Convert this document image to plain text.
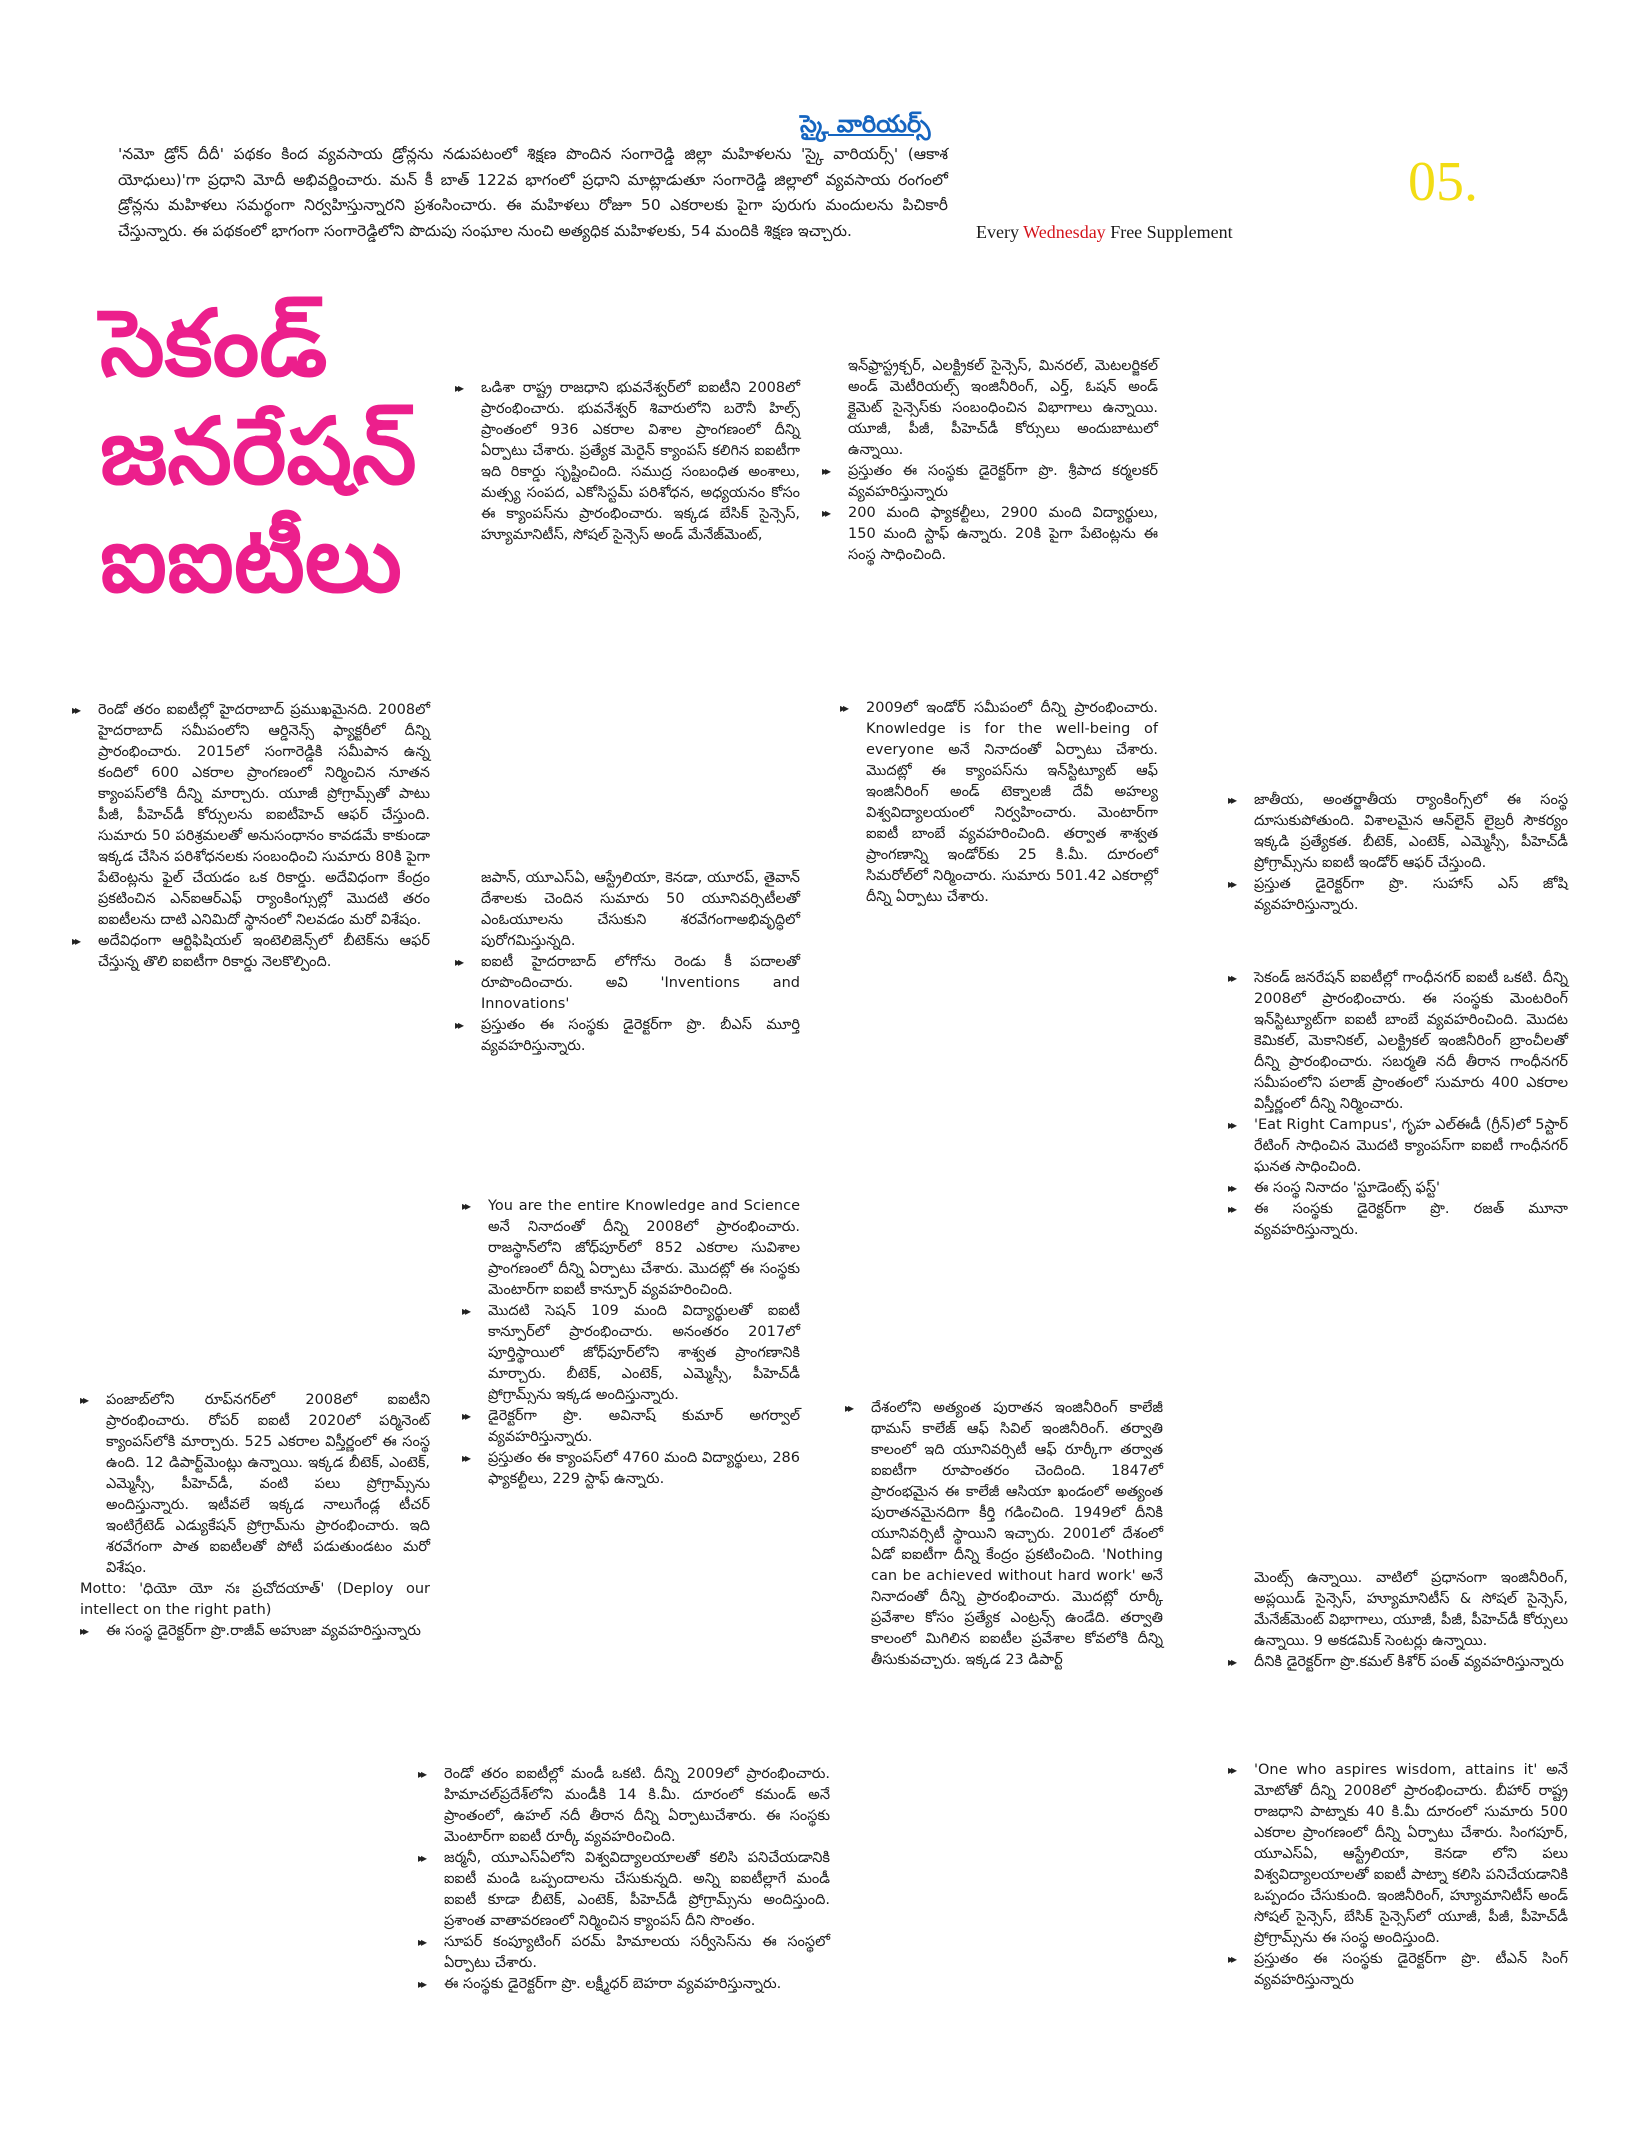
స్కై వారియర్స్
'నమో డ్రోన్ దీదీ' పథకం కింద వ్యవసాయ డ్రోన్లను నడుపటంలో శిక్షణ పొందిన సంగారెడ్డి జిల్లా మహిళలను 'స్కై వారియర్స్' (ఆకాశ యోధులు)'గా ప్రధాని మోదీ అభివర్ణించారు. మన్ కీ బాత్ 122వ భాగంలో ప్రధాని మాట్లాడుతూ సంగారెడ్డి జిల్లాలో వ్యవసాయ రంగంలో డ్రోన్లను మహిళలు సమర్థంగా నిర్వహిస్తున్నారని ప్రశంసించారు. ఈ మహిళలు రోజూ 50 ఎకరాలకు పైగా పురుగు మందులను పిచికారీ చేస్తున్నారు. ఈ పథకంలో భాగంగా సంగారెడ్డిలోని పొదుపు సంఘాల నుంచి అత్యధిక మహిళలకు, 54 మందికి శిక్షణ ఇచ్చారు.
05.
Every Wednesday Free Supplement
సెకండ్
జనరేషన్
ఐఐటీలు

▸▸ ఒడిశా రాష్ట్ర రాజధాని భువనేశ్వర్‌లో ఐఐటీని 2008లో ప్రారంభించారు. భువనేశ్వర్ శివారులోని బరౌనీ హిల్స్ ప్రాంతంలో 936 ఎకరాల విశాల ప్రాంగణంలో దీన్ని ఏర్పాటు చేశారు. ప్రత్యేక మెరైన్ క్యాంపస్ కలిగిన ఐఐటీగా ఇది రికార్డు సృష్టించింది. సముద్ర సంబంధిత అంశాలు, మత్స్య సంపద, ఎకోసిస్టమ్ పరిశోధన, అధ్యయనం కోసం ఈ క్యాంపస్‌ను ప్రారంభించారు. ఇక్కడ బేసిక్ సైన్సెస్, హ్యూమానిటీస్, సోషల్ సైన్సెస్ అండ్ మేనేజ్‌మెంట్,

ఇన్‌ఫ్రాస్ట్రక్చర్, ఎలక్ట్రికల్ సైన్సెస్, మినరల్, మెటలర్జికల్ అండ్ మెటీరియల్స్ ఇంజినీరింగ్, ఎర్త్, ఓషన్ అండ్ క్లైమెట్ సైన్సెస్‌కు సంబంధించిన విభాగాలు ఉన్నాయి. యూజీ, పీజీ, పీహెచ్‌డీ కోర్సులు అందుబాటులో ఉన్నాయి.

▸▸ ప్రస్తుతం ఈ సంస్థకు డైరెక్టర్‌గా ప్రొ. శ్రీపాద కర్మలకర్ వ్యవహరిస్తున్నారు

▸▸ 200 మంది ఫ్యాకల్టీలు, 2900 మంది విద్యార్థులు, 150 మంది స్టాఫ్ ఉన్నారు. 20కి పైగా పేటెంట్లను ఈ సంస్థ సాధించింది.

▸▸ రెండో తరం ఐఐటీల్లో హైదరాబాద్ ప్రముఖమైనది. 2008లో హైదరాబాద్ సమీపంలోని ఆర్డినెన్స్ ఫ్యాక్టరీలో దీన్ని ప్రారంభించారు. 2015లో సంగారెడ్డికి సమీపాన ఉన్న కందిలో 600 ఎకరాల ప్రాంగణంలో నిర్మించిన నూతన క్యాంపస్‌లోకి దీన్ని మార్చారు. యూజీ ప్రోగ్రామ్స్‌తో పాటు పీజీ, పీహెచ్‌డీ కోర్సులను ఐఐటీహెచ్ ఆఫర్ చేస్తుంది. సుమారు 50 పరిశ్రమలతో అనుసంధానం కావడమే కాకుండా ఇక్కడ చేసిన పరిశోధనలకు సంబంధించి సుమారు 80కి పైగా పేటెంట్లను ఫైల్ చేయడం ఒక రికార్డు. అదేవిధంగా కేంద్రం ప్రకటించిన ఎన్ఐఆర్ఎఫ్ ర్యాంకింగ్సుల్లో మొదటి తరం ఐఐటీలను దాటి ఎనిమిదో స్థానంలో నిలవడం మరో విశేషం.

▸▸ అదేవిధంగా ఆర్టిఫిషియల్ ఇంటెలిజెన్స్‌లో బీటెక్‌ను ఆఫర్ చేస్తున్న తొలి ఐఐటీగా రికార్డు నెలకొల్పింది.

జపాన్, యూఎస్ఏ, ఆస్ట్రేలియా, కెనడా, యూరప్, తైవాన్ దేశాలకు చెందిన సుమారు 50 యూనివర్సిటీలతో ఎంఓయూలను చేసుకుని శరవేగంగాఅభివృద్ధిలో పురోగమిస్తున్నది.

▸▸ ఐఐటీ హైదరాబాద్ లోగోను రెండు కీ పదాలతో రూపొందించారు. అవి 'Inventions and Innovations'

▸▸ ప్రస్తుతం ఈ సంస్థకు డైరెక్టర్‌గా ప్రొ. బీఎస్ మూర్తి వ్యవహరిస్తున్నారు.

▸▸ 2009లో ఇండోర్ సమీపంలో దీన్ని ప్రారంభించారు. Knowledge is for the well-being of everyone అనే నినాదంతో ఏర్పాటు చేశారు. మొదట్లో ఈ క్యాంపస్‌ను ఇన్‌స్టిట్యూట్ ఆఫ్ ఇంజినీరింగ్ అండ్ టెక్నాలజీ దేవీ అహల్య విశ్వవిద్యాలయంలో నిర్వహించారు. మెంటార్‌గా ఐఐటీ బాంబే వ్యవహరించింది. తర్వాత శాశ్వత ప్రాంగణాన్ని ఇండోర్‌కు 25 కి.మీ. దూరంలో సిమరోల్‌లో నిర్మించారు. సుమారు 501.42 ఎకరాల్లో దీన్ని ఏర్పాటు చేశారు.

▸▸ జాతీయ, అంతర్జాతీయ ర్యాంకింగ్స్‌లో ఈ సంస్థ దూసుకుపోతుంది. విశాలమైన ఆన్‌లైన్ లైబ్రరీ సౌకర్యం ఇక్కడి ప్రత్యేకత. బీటెక్, ఎంటెక్, ఎమ్మెస్సీ, పీహెచ్‌డీ ప్రోగ్రామ్స్‌ను ఐఐటీ ఇండోర్ ఆఫర్ చేస్తుంది.

▸▸ ప్రస్తుత డైరెక్టర్‌గా ప్రొ. సుహాస్ ఎస్ జోషి వ్యవహరిస్తున్నారు.

▸▸ సెకండ్ జనరేషన్ ఐఐటీల్లో గాంధీనగర్ ఐఐటీ ఒకటి. దీన్ని 2008లో ప్రారంభించారు. ఈ సంస్థకు మెంటరింగ్ ఇన్‌స్టిట్యూట్‌గా ఐఐటీ బాంబే వ్యవహరించింది. మొదట కెమికల్, మెకానికల్, ఎలక్ట్రికల్ ఇంజినీరింగ్ బ్రాంచీలతో దీన్ని ప్రారంభించారు. సబర్మతి నదీ తీరాన గాంధీనగర్ సమీపంలోని పలాజ్ ప్రాంతంలో సుమారు 400 ఎకరాల విస్తీర్ణంలో దీన్ని నిర్మించారు.

▸▸ 'Eat Right Campus', గృహ ఎల్ఈడీ (గ్రీన్)లో 5స్టార్ రేటింగ్ సాధించిన మొదటి క్యాంపస్‌గా ఐఐటీ గాంధీనగర్ ఘనత సాధించింది.

▸▸ ఈ సంస్థ నినాదం 'స్టూడెంట్స్ ఫస్ట్'

▸▸ ఈ సంస్థకు డైరెక్టర్‌గా ప్రొ. రజత్ మూనా వ్యవహరిస్తున్నారు.

▸▸ You are the entire Knowledge and Science అనే నినాదంతో దీన్ని 2008లో ప్రారంభించారు. రాజస్థాన్‌లోని జోధ్‌పూర్‌లో 852 ఎకరాల సువిశాల ప్రాంగణంలో దీన్ని ఏర్పాటు చేశారు. మొదట్లో ఈ సంస్థకు మెంటార్‌గా ఐఐటీ కాన్పూర్ వ్యవహరించింది.

▸▸ మొదటి సెషన్ 109 మంది విద్యార్థులతో ఐఐటీ కాన్పూర్‌లో ప్రారంభించారు. అనంతరం 2017లో పూర్తిస్థాయిలో జోధ్‌పూర్‌లోని శాశ్వత ప్రాంగణానికి మార్చారు. బీటెక్, ఎంటెక్, ఎమ్మెస్సీ, పీహెచ్‌డీ ప్రోగ్రామ్స్‌ను ఇక్కడ అందిస్తున్నారు.

▸▸ డైరెక్టర్‌గా ప్రొ. అవినాష్ కుమార్ అగర్వాల్ వ్యవహరిస్తున్నారు.

▸▸ ప్రస్తుతం ఈ క్యాంపస్‌లో 4760 మంది విద్యార్థులు, 286 ఫ్యాకల్టీలు, 229 స్టాఫ్ ఉన్నారు.

▸▸ పంజాబ్‌లోని రూప్‌నగర్‌లో 2008లో ఐఐటీని ప్రారంభించారు. రోపర్ ఐఐటీ 2020లో పర్మినెంట్ క్యాంపస్‌లోకి మార్చారు. 525 ఎకరాల విస్తీర్ణంలో ఈ సంస్థ ఉంది. 12 డిపార్ట్‌మెంట్లు ఉన్నాయి. ఇక్కడ బీటెక్, ఎంటెక్, ఎమ్మెస్సీ, పీహెచ్‌డీ, వంటి పలు ప్రోగ్రామ్స్‌ను అందిస్తున్నారు. ఇటీవలే ఇక్కడ నాలుగేండ్ల టీచర్ ఇంటిగ్రేటెడ్ ఎడ్యుకేషన్ ప్రోగ్రామ్‌ను ప్రారంభించారు. ఇది శరవేగంగా పాత ఐఐటీలతో పోటీ పడుతుండటం మరో విశేషం.

Motto: 'ధియో యో నః ప్రచోదయాత్' (Deploy our intellect on the right path)

▸▸ ఈ సంస్థ డైరెక్టర్‌గా ప్రొ.రాజీవ్ అహుజా వ్యవహరిస్తున్నారు

▸▸ దేశంలోని అత్యంత పురాతన ఇంజినీరింగ్ కాలేజీ థామస్ కాలేజ్ ఆఫ్ సివిల్ ఇంజినీరింగ్. తర్వాతి కాలంలో ఇది యూనివర్సిటీ ఆఫ్ రూర్కీగా తర్వాత ఐఐటీగా రూపాంతరం చెందింది. 1847లో ప్రారంభమైన ఈ కాలేజీ ఆసియా ఖండంలో అత్యంత పురాతనమైనదిగా కీర్తి గడించింది. 1949లో దీనికి యూనివర్సిటీ స్థాయిని ఇచ్చారు. 2001లో దేశంలో ఏడో ఐఐటీగా దీన్ని కేంద్రం ప్రకటించింది. 'Nothing can be achieved without hard work' అనే నినాదంతో దీన్ని ప్రారంభించారు. మొదట్లో రూర్కీ ప్రవేశాల కోసం ప్రత్యేక ఎంట్రన్స్ ఉండేది. తర్వాతి కాలంలో మిగిలిన ఐఐటీల ప్రవేశాల కోవలోకి దీన్ని తీసుకువచ్చారు. ఇక్కడ 23 డిపార్ట్

మెంట్స్ ఉన్నాయి. వాటిలో ప్రధానంగా ఇంజినీరింగ్, అప్లయిడ్ సైన్సెస్, హ్యూమానిటీస్ & సోషల్ సైన్సెస్, మేనేజ్‌మెంట్ విభాగాలు, యూజీ, పీజీ, పీహెచ్‌డీ కోర్సులు ఉన్నాయి. 9 అకడమిక్ సెంటర్లు ఉన్నాయి.

▸▸ దీనికి డైరెక్టర్‌గా ప్రొ.కమల్ కిశోర్ పంత్ వ్యవహరిస్తున్నారు

▸▸ రెండో తరం ఐఐటీల్లో మండీ ఒకటి. దీన్ని 2009లో ప్రారంభించారు. హిమాచల్‌ప్రదేశ్‌లోని మండీకి 14 కి.మీ. దూరంలో కమండ్ అనే ప్రాంతంలో, ఉహల్ నదీ తీరాన దీన్ని ఏర్పాటుచేశారు. ఈ సంస్థకు మెంటార్‌గా ఐఐటీ రూర్కీ వ్యవహరించింది.

▸▸ జర్మనీ, యూఎస్ఏలోని విశ్వవిద్యాలయాలతో కలిసి పనిచేయడానికి ఐఐటీ మండి ఒప్పందాలను చేసుకున్నది. అన్ని ఐఐటీల్లాగే మండీ ఐఐటీ కూడా బీటెక్, ఎంటెక్, పీహెచ్‌డీ ప్రోగ్రామ్స్‌ను అందిస్తుంది. ప్రశాంత వాతావరణంలో నిర్మించిన క్యాంపస్ దీని సొంతం.

▸▸ సూపర్ కంప్యూటింగ్ పరమ్ హిమాలయ సర్వీసెస్‌ను ఈ సంస్థలో ఏర్పాటు చేశారు.

▸▸ ఈ సంస్థకు డైరెక్టర్‌గా ప్రొ. లక్ష్మీధర్ బెహరా వ్యవహరిస్తున్నారు.

▸▸ 'One who aspires wisdom, attains it' అనే మోటోతో దీన్ని 2008లో ప్రారంభించారు. బీహార్ రాష్ట్ర రాజధాని పాట్నాకు 40 కి.మీ దూరంలో సుమారు 500 ఎకరాల ప్రాంగణంలో దీన్ని ఏర్పాటు చేశారు. సింగపూర్, యూఎస్ఏ, ఆస్ట్రేలియా, కెనడా లోని పలు విశ్వవిద్యాలయాలతో ఐఐటీ పాట్నా కలిసి పనిచేయడానికి ఒప్పందం చేసుకుంది. ఇంజినీరింగ్, హ్యూమానిటీస్ అండ్ సోషల్ సైన్సెస్, బేసిక్ సైన్సెస్‌లో యూజీ, పీజీ, పీహెచ్‌డీ ప్రోగ్రామ్స్‌ను ఈ సంస్థ అందిస్తుంది.

▸▸ ప్రస్తుతం ఈ సంస్థకు డైరెక్టర్‌గా ప్రొ. టీఎన్ సింగ్ వ్యవహరిస్తున్నారు
